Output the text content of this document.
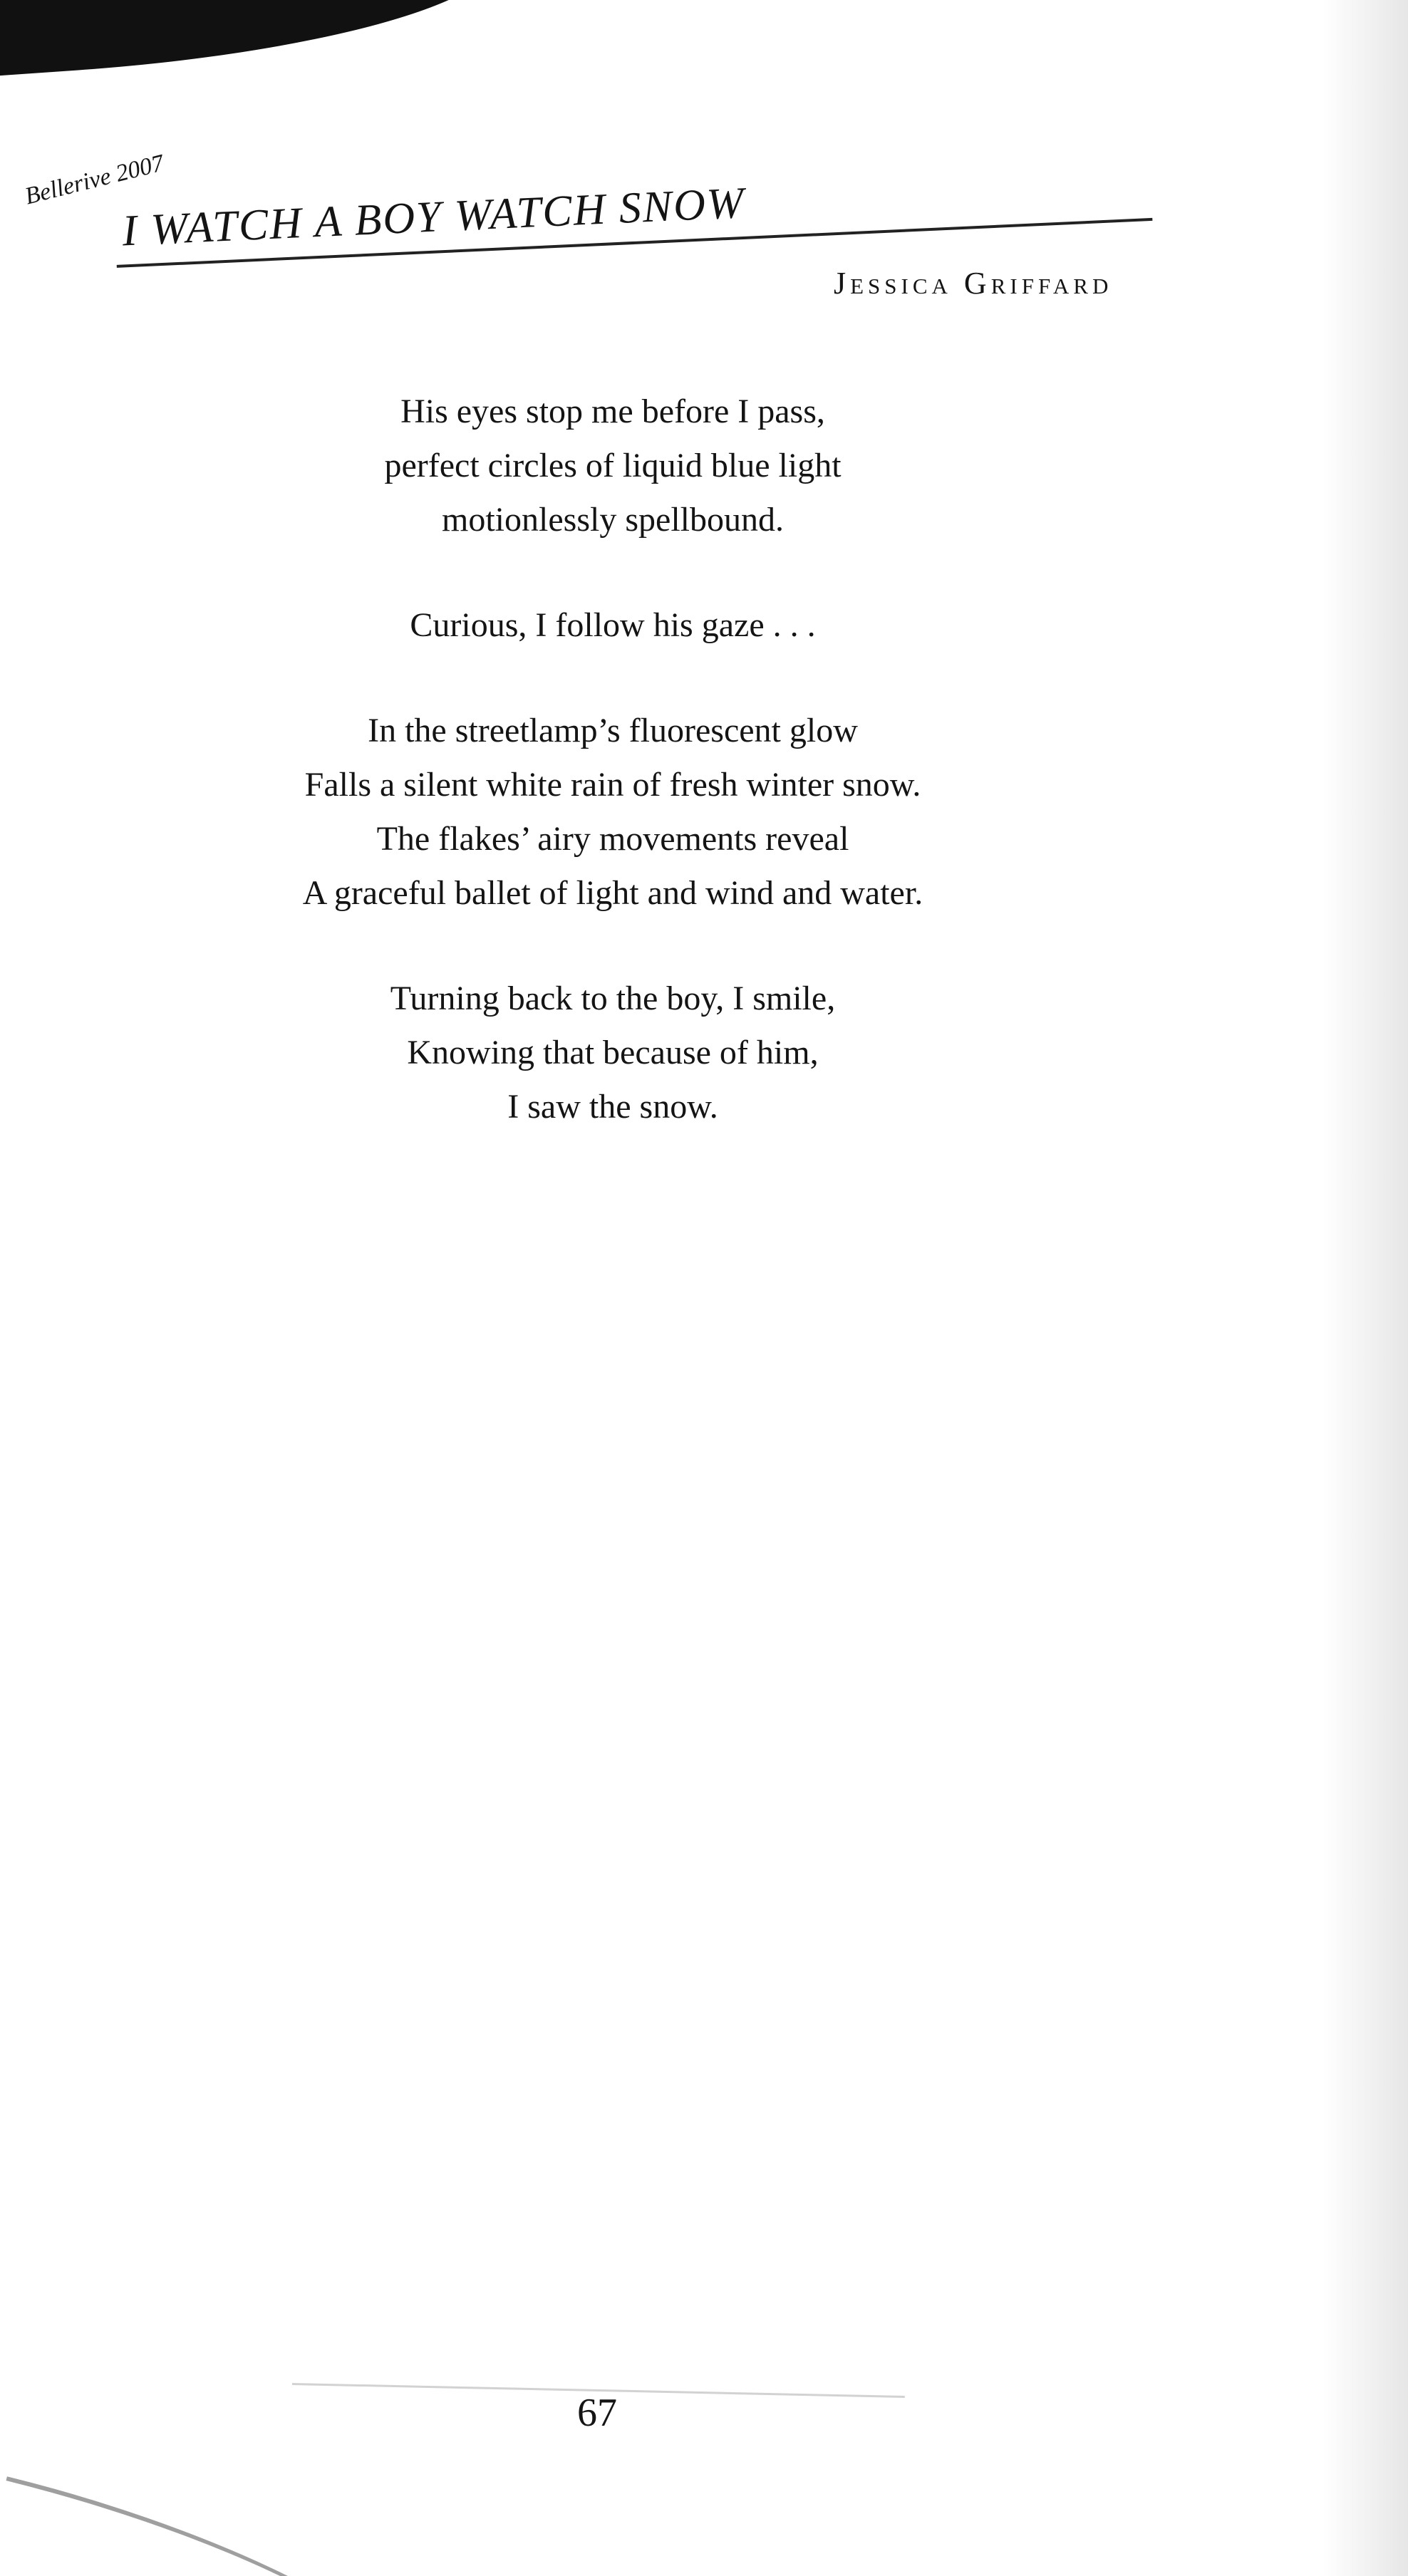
Bellerive 2007

I WATCH A BOY WATCH SNOW

Jessica Griffard

His eyes stop me before I pass,
perfect circles of liquid blue light
motionlessly spellbound.
Curious, I follow his gaze . . .
In the streetlamp’s fluorescent glow
Falls a silent white rain of fresh winter snow.
The flakes’ airy movements reveal
A graceful ballet of light and wind and water.
Turning back to the boy, I smile,
Knowing that because of him,
I saw the snow.

67
